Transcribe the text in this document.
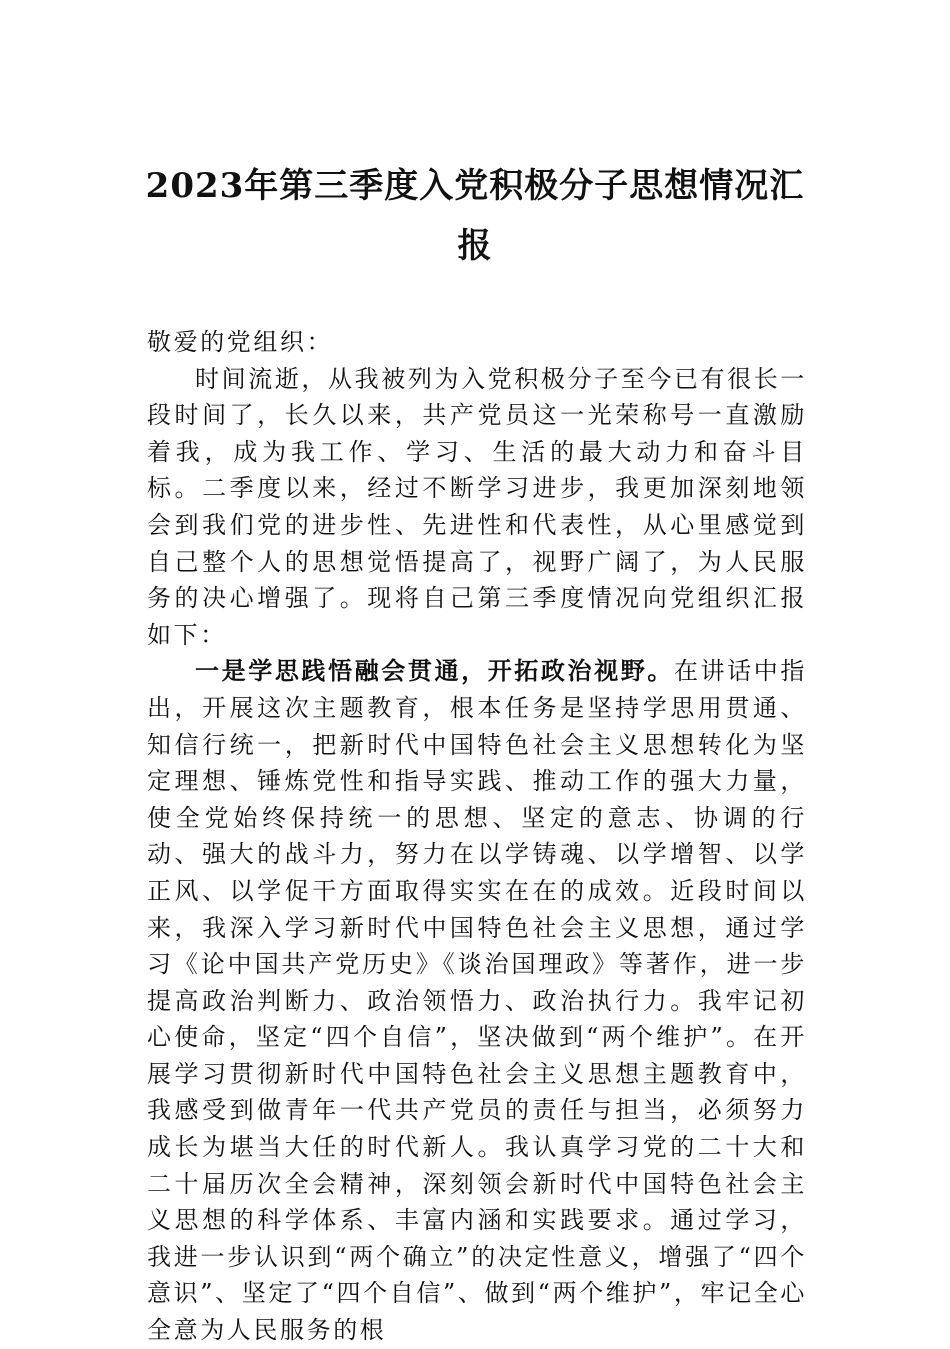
2023年第三季度入党积极分子思想情况汇报

敬爱的党组织：

时间流逝，从我被列为入党积极分子至今已有很长一段时间了，长久以来，共产党员这一光荣称号一直激励着我，成为我工作、学习、生活的最大动力和奋斗目标。二季度以来，经过不断学习进步，我更加深刻地领会到我们党的进步性、先进性和代表性，从心里感觉到自己整个人的思想觉悟提高了，视野广阔了，为人民服务的决心增强了。现将自己第三季度情况向党组织汇报如下：

一是学思践悟融会贯通，开拓政治视野。在讲话中指出，开展这次主题教育，根本任务是坚持学思用贯通、知信行统一，把新时代中国特色社会主义思想转化为坚定理想、锤炼党性和指导实践、推动工作的强大力量，使全党始终保持统一的思想、坚定的意志、协调的行动、强大的战斗力，努力在以学铸魂、以学增智、以学正风、以学促干方面取得实实在在的成效。近段时间以来，我深入学习新时代中国特色社会主义思想，通过学习《论中国共产党历史》《谈治国理政》等著作，进一步提高政治判断力、政治领悟力、政治执行力。我牢记初心使命，坚定“四个自信”，坚决做到“两个维护”。在开展学习贯彻新时代中国特色社会主义思想主题教育中，我感受到做青年一代共产党员的责任与担当，必须努力成长为堪当大任的时代新人。我认真学习党的二十大和二十届历次全会精神，深刻领会新时代中国特色社会主义思想的科学体系、丰富内涵和实践要求。通过学习，我进一步认识到“两个确立”的决定性意义，增强了“四个意识”、坚定了“四个自信”、做到“两个维护”，牢记全心全意为人民服务的根
